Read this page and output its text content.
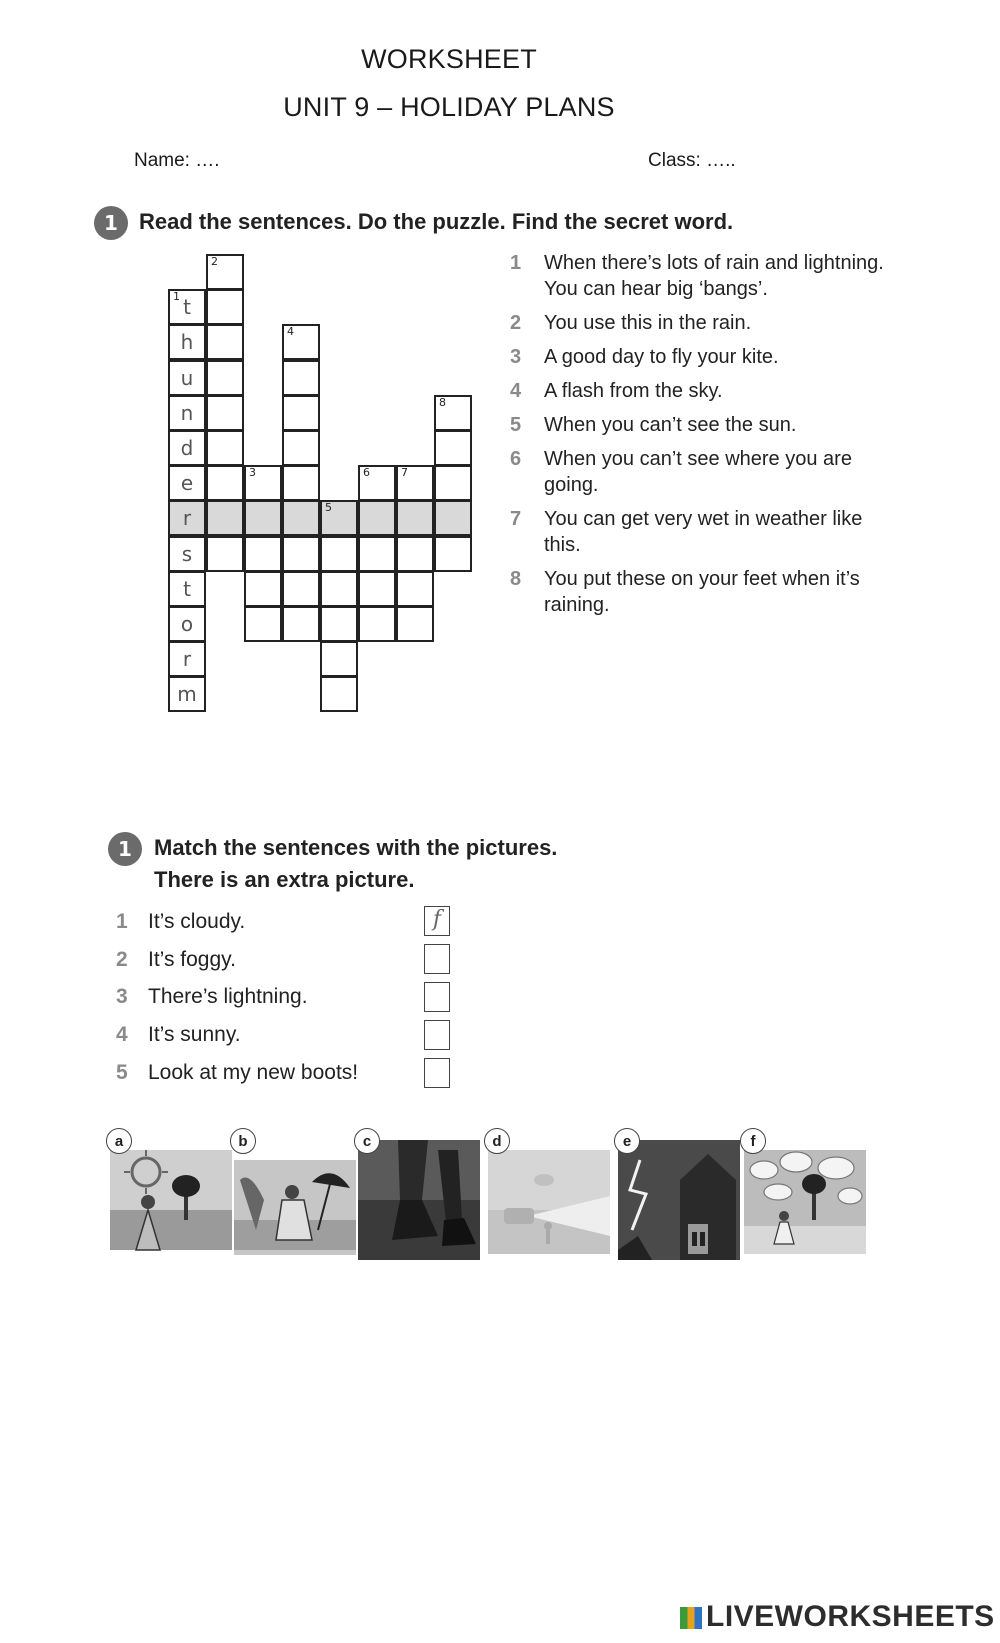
WORKSHEET
UNIT 9 – HOLIDAY PLANS
Name: ….	Class: …..
1 Read the sentences. Do the puzzle. Find the secret word.
t
1
h
u
n
d
e
r
s
t
o
r
m
2
3
4
5
6	7
8
1	When there’s lots of rain and lightning. You can hear big ‘bangs’.
2	You use this in the rain.
3	A good day to fly your kite.
4	A flash from the sky.
5	When you can’t see the sun.
6	When you can’t see where you are going.
7	You can get very wet in weather like this.
8	You put these on your feet when it’s raining.
1	Match the sentences with the pictures.
There is an extra picture.
1 It’s cloudy.	f
2 It’s foggy.
3 There’s lightning.
4 It’s sunny.
5 Look at my new boots!
a	b	c	d	e	f
LIVEWORKSHEETS
